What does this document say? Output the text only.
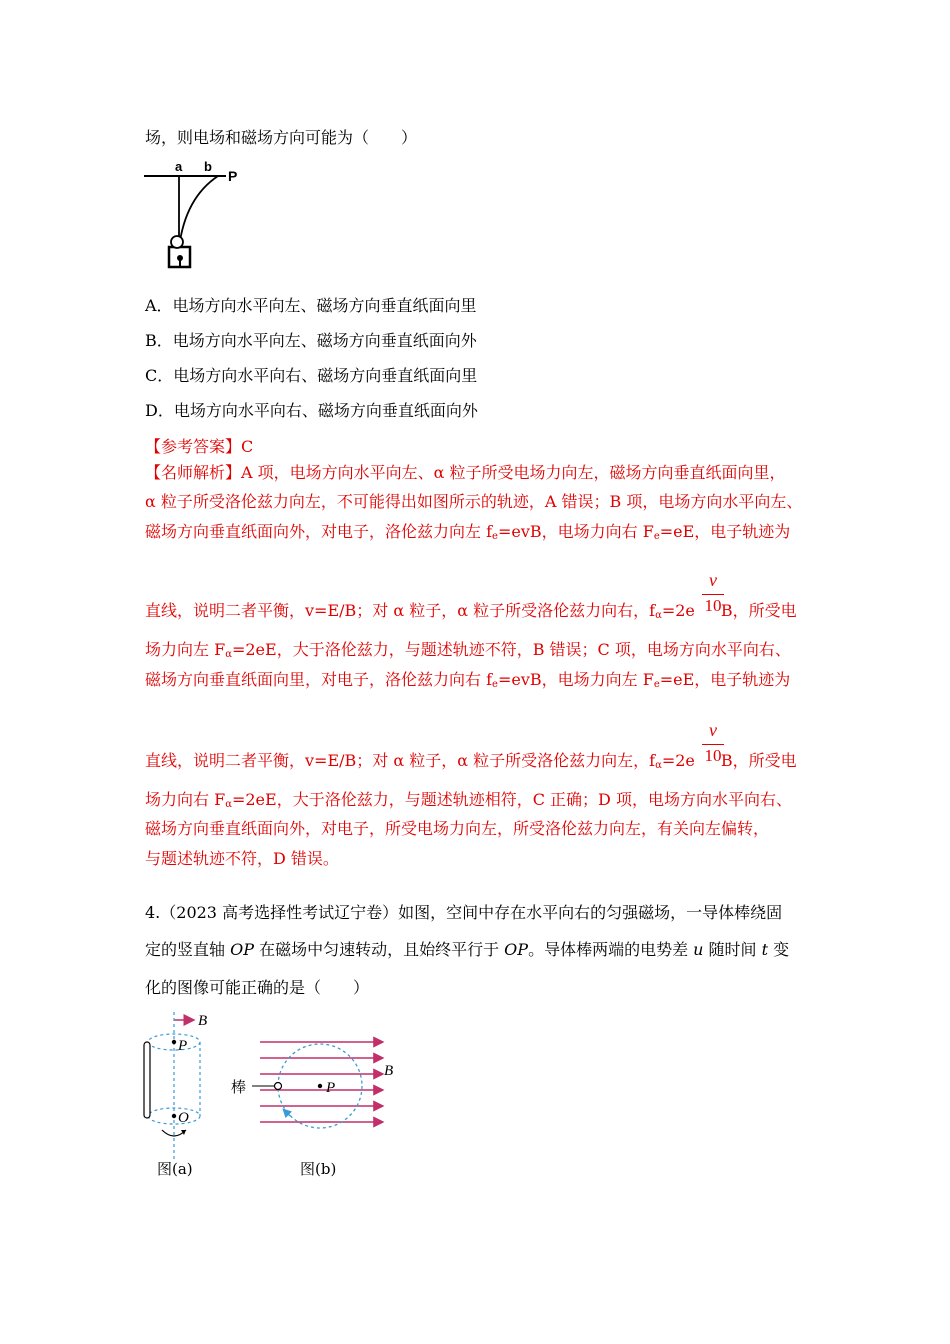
场，则电场和磁场方向可能为（　　）
a b
P
A．电场方向水平向左、磁场方向垂直纸面向里
B．电场方向水平向左、磁场方向垂直纸面向外
C．电场方向水平向右、磁场方向垂直纸面向里
D．电场方向水平向右、磁场方向垂直纸面向外
【参考答案】C
【名师解析】A 项，电场方向水平向左、α 粒子所受电场力向左，磁场方向垂直纸面向里，
α 粒子所受洛伦兹力向左，不可能得出如图所示的轨迹，A 错误；B 项，电场方向水平向左、
磁场方向垂直纸面向外，对电子，洛伦兹力向左 $f_e=evB$，电场力向右 $F_e=eE$，电子轨迹为
v
10
直线，说明二者平衡，v=E/B；对 α 粒子，α 粒子所受洛伦兹力向右，$f_\alpha=2e$ B，所受电
场力向左 $F_\alpha=2eE$，大于洛伦兹力，与题述轨迹不符，B 错误；C 项，电场方向水平向右、
磁场方向垂直纸面向里，对电子，洛伦兹力向右 $f_e=evB$，电场力向左 $F_e=eE$，电子轨迹为
v
10
直线，说明二者平衡，v=E/B；对 α 粒子，α 粒子所受洛伦兹力向左，$f_\alpha=2e$ B，所受电
场力向右 $F_\alpha=2eE$，大于洛伦兹力，与题述轨迹相符，C 正确；D 项，电场方向水平向右、
磁场方向垂直纸面向外，对电子，所受电场力向左，所受洛伦兹力向左，有关向左偏转，
与题述轨迹不符，D 错误。
4.（2023 高考选择性考试辽宁卷）如图，空间中存在水平向右的匀强磁场，一导体棒绕固
定的竖直轴 OP 在磁场中匀速转动，且始终平行于 OP。导体棒两端的电势差 u 随时间 t 变
化的图像可能正确的是（　　）
B
P
O
图(a)
P
B
棒
图(b)
